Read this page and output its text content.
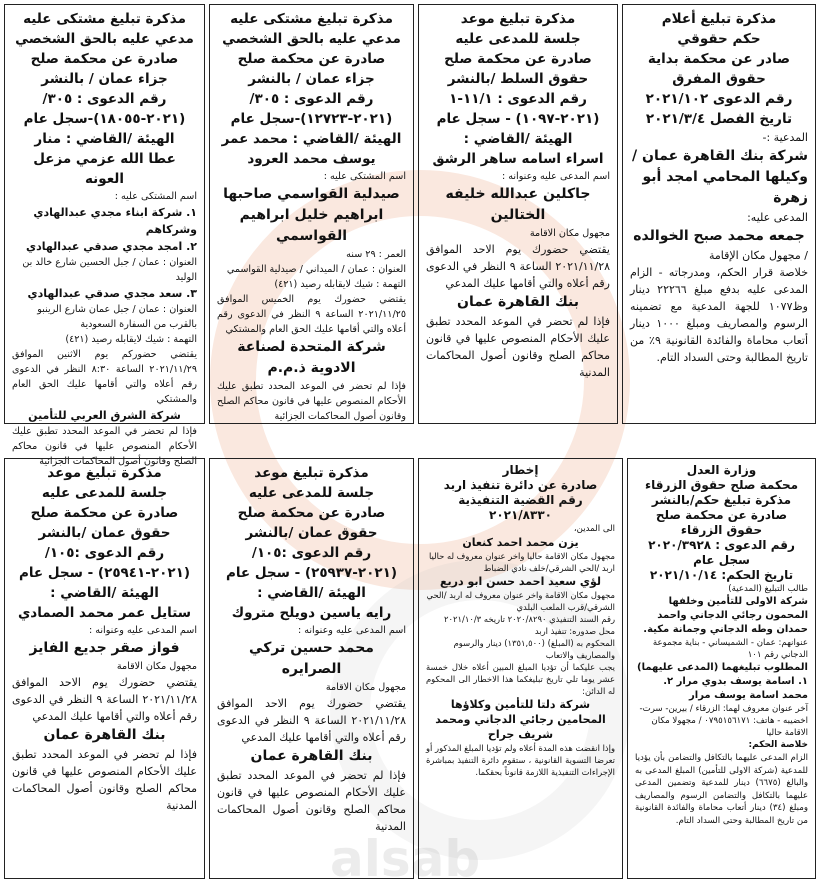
alsab
مذكرة تبليغ أعلام
حكم حقوقي
صادر عن محكمة بداية
حقوق المفرق
رقم الدعوى ٢٠٢١/١٠٢
تاريخ الفصل ٢٠٢١/٣/٤
المدعية :-
شركة بنك القاهرة عمان / وكيلها المحامي امجد أبو زهرة
المدعى عليه:
جمعه محمد صبح الخوالده
/ مجهول مكان الإقامة
خلاصة قرار الحكم، ومدرجاته - الزام المدعى عليه بدفع مبلغ ٢٢٢٦٦ دينار وظ١٠٧٧ للجهة المدعية مع تضمينه الرسوم والمصاريف ومبلغ ١٠٠٠ دينار أتعاب محاماة والفائدة القانونية ٩٪ من تاريخ المطالبة وحتى السداد التام.
مذكرة تبليغ موعد
جلسة للمدعى عليه
صادرة عن محكمة صلح
حقوق السلط /بالنشر
رقم الدعوى : ١١/١-١
(٢٠٢١-١٠٩٧) - سجل عام
الهيئة /القاضي :
اسراء اسامه ساهر الرشق
اسم المدعى عليه وعنوانه :
جاكلين عبدالله خليفه الختالين
مجهول مكان الاقامة
يقتضي حضورك يوم الاحد الموافق ٢٠٢١/١١/٢٨ الساعة ٩ النظر في الدعوى رقم أعلاه والتي أقامها عليك المدعي
بنك القاهرة عمان
فإذا لم تحضر في الموعد المحدد تطبق عليك الأحكام المنصوص عليها في قانون محاكم الصلح وقانون أصول المحاكمات المدنية
مذكرة تبليغ مشتكى عليه
مدعي عليه بالحق الشخصي
صادرة عن محكمة صلح
جزاء عمان / بالنشر
رقم الدعوى : ٣٠٥/
(٢٠٢١-١٢٧٢٣)-سجل عام
الهيئة /القاضي : محمد عمر
يوسف محمد العرود
اسم المشتكى عليه :
صيدلية القواسمي صاحبها ابراهيم خليل ابراهيم القواسمي
العمر : ٢٩ سنه
العنوان : عمان / الميداني / صيدلية القواسمي
التهمة : شيك لايقابله رصيد (٤٢١)
يقتضي حضورك يوم الخميس الموافق ٢٠٢١/١١/٢٥ الساعة ٩ النظر في الدعوى رقم أعلاه والتي أقامها عليك الحق العام والمشتكي
شركة المتحدة لصناعة الادوية ذ.م.م
فإذا لم تحضر في الموعد المحدد تطبق عليك الأحكام المنصوص عليها في قانون محاكم الصلح وقانون أصول المحاكمات الجزائية
مذكرة تبليغ مشتكى عليه
مدعي عليه بالحق الشخصي
صادرة عن محكمة صلح
جزاء عمان / بالنشر
رقم الدعوى : ٣٠٥/
(٢٠٢١-١٨٠٥٥)-سجل عام
الهيئة /القاضي : منار
عطا الله عزمي مزعل العونه
اسم المشتكى عليه :
١. شركة ابناء مجدي عبدالهادي وشركاهم
٢. امجد مجدي صدقي عبدالهادي
العنوان : عمان / جبل الحسين شارع خالد بن الوليد
٣. سعد مجدي صدقي عبدالهادي
العنوان : عمان / جبل عمان شارع الرينبو بالقرب من السفارة السعودية
التهمة : شيك لايقابله رصيد (٤٢١)
يقتضي حضوركم يوم الاثنين الموافق ٢٠٢١/١١/٢٩ الساعة ٨:٣٠ النظر في الدعوى رقم أعلاه والتي أقامها عليك الحق العام والمشتكي
شركة الشرق العربي للتأمين
فإذا لم تحضر في الموعد المحدد تطبق عليك الأحكام المنصوص عليها في قانون محاكم الصلح وقانون أصول المحاكمات الجزائية
وزارة العدل
محكمة صلح حقوق الزرقاء
مذكرة تبليغ حكم/بالنشر
صادرة عن محكمة صلح
حقوق الزرقاء
رقم الدعوى : ٢٠٢٠/٣٩٢٨
سجل عام
تاريخ الحكم: ٢٠٢١/١٠/١٤
طالب التبليغ (المدعية)
شركة الاولى للتأمين وخلفها المحمون رجائي الدجاني واحمد حمدان وطه الدجاني وجمانة مكية.
عنوانهم: عمان - الشميساني - بناية مجموعة الدجاني رقم ١٠١
المطلوب تبليغهما (المدعى عليهما) ١. اسامة يوسف بدوي مرار ٢. محمد اسامة يوسف مرار
آخر عنوان معروف لهما: الزرقاء / بيرين- سرت-اخضيبه - هاتف: ٠٧٩٥١٥٦١٧١ / مجهولا مكان الاقامة حاليا
خلاصة الحكم:
الزام المدعى عليهما بالتكافل والتضامن بأن يؤديا للمدعية (شركة الاولى للتأمين) المبلغ المدعى به والبالغ (٦٦٧٥) دينار للمدعية وتضمين المدعى عليهما بالتكافل والتضامن الرسوم والمصاريف ومبلغ (٣٤) دينار أتعاب محاماة والفائدة القانونية من تاريخ المطالبة وحتى السداد التام.
إخطار
صادرة عن دائرة تنفيذ اربد
رقم القضية التنفيذية
٢٠٢١/٨٣٣٠
الى المدين،
يزن محمد احمد كنعان
مجهول مكان الاقامة حاليا واخر عنوان معروف له حاليا اربد /الحي الشرقي/خلف نادي الضباط
لؤي سعيد احمد حسن ابو دريع
مجهول مكان الاقامة واخر عنوان معروف له اربد /الحي الشرقي/قرب الملعب البلدي
رقم السند التنفيذي ٢٠٢٠/٨٢٩٠ تاريخه ٢٠٢١/١٠/٣
محل صدوره: تنفيذ اربد
المحكوم به (المبلغ) (١٣٥١,٥٠٠) دينار والرسوم والمصاريف والاتعاب
يجب عليكما أن تؤديا المبلغ المبين أعلاه خلال خمسة عشر يوما تلي تاريخ تبليغكما هذا الاخطار الى المحكوم له الدائن:
شركة دلتا للتأمين وكلاؤها المحامين رجائي الدجاني ومحمد شريف جراح
وإذا انقضت هذه المدة أعلاه ولم تؤديا المبلغ المذكور أو تعرضا التسوية القانونية ، ستقوم دائرة التنفيذ بمباشرة الإجراءات التنفيذية اللازمة قانوناً بحقكما.
مذكرة تبليغ موعد
جلسة للمدعى عليه
صادرة عن محكمة صلح
حقوق عمان /بالنشر
رقم الدعوى :١٠٥/
(٢٠٢١-٢٥٩٣٧) - سجل عام
الهيئة /القاضي :
رايه ياسين دويلح متروك
اسم المدعى عليه وعنوانه :
محمد حسين تركي الصرايره
مجهول مكان الاقامة
يقتضي حضورك يوم الاحد الموافق ٢٠٢١/١١/٢٨ الساعة ٩ النظر في الدعوى رقم أعلاه والتي أقامها عليك المدعي
بنك القاهرة عمان
فإذا لم تحضر في الموعد المحدد تطبق عليك الأحكام المنصوص عليها في قانون محاكم الصلح وقانون أصول المحاكمات المدنية
مذكرة تبليغ موعد
جلسة للمدعى عليه
صادرة عن محكمة صلح
حقوق عمان /بالنشر
رقم الدعوى :١٠٥/
(٢٠٢١-٢٥٩٤١) - سجل عام
الهيئة /القاضي :
ستايل عمر محمد الصمادي
اسم المدعى عليه وعنوانه :
فواز صقر جديع الفايز
مجهول مكان الاقامة
يقتضي حضورك يوم الاحد الموافق ٢٠٢١/١١/٢٨ الساعة ٩ النظر في الدعوى رقم أعلاه والتي أقامها عليك المدعي
بنك القاهرة عمان
فإذا لم تحضر في الموعد المحدد تطبق عليك الأحكام المنصوص عليها في قانون محاكم الصلح وقانون أصول المحاكمات المدنية
